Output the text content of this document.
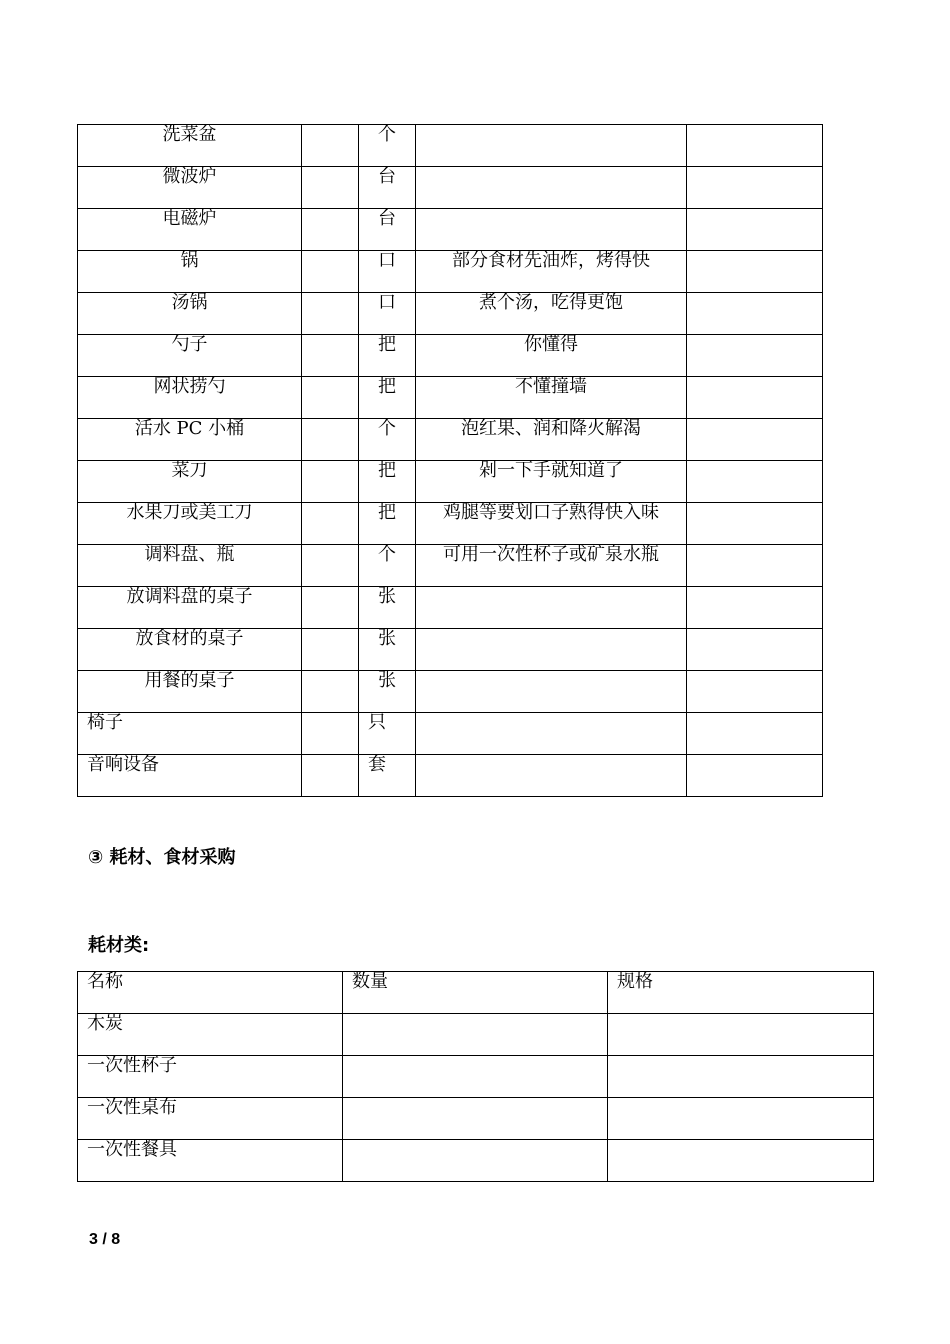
洗菜盆		个		

微波炉		台		

电磁炉		台		

锅		口	部分食材先油炸，烤得快	

汤锅		口	煮个汤，吃得更饱	

勺子		把	你懂得	

网状捞勺		把	不懂撞墙	

活水 PC 小桶		个	泡红果、润和降火解渴	

菜刀		把	剁一下手就知道了	

水果刀或美工刀		把	鸡腿等要划口子熟得快入味	

调料盘、瓶		个	可用一次性杯子或矿泉水瓶	

放调料盘的桌子		张		

放食材的桌子		张		

用餐的桌子		张		

椅子		只		

音响设备		套		

③ 耗材、食材采购
耗材类:
名称	数量	规格

木炭		

一次性杯子		

一次性桌布		

一次性餐具		

3 / 8
